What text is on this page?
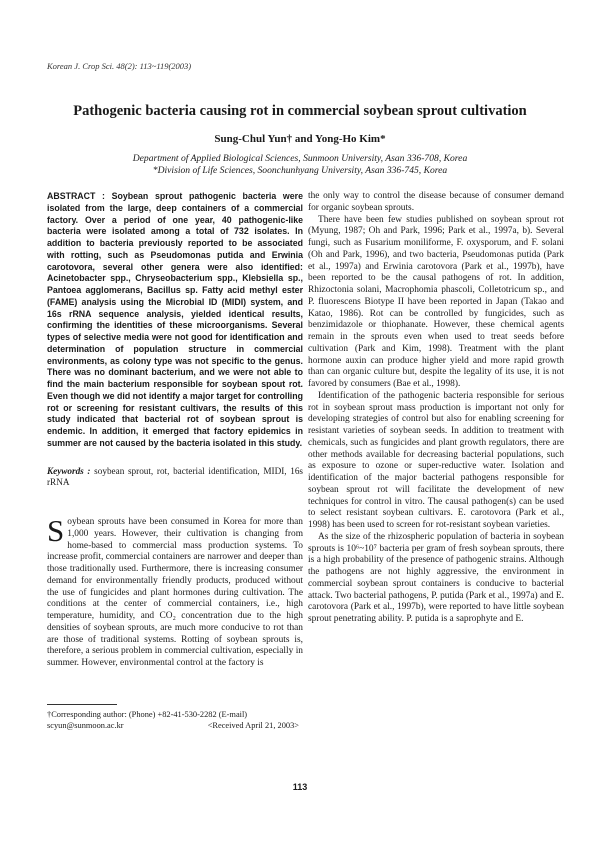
Korean J. Crop Sci. 48(2): 113~119(2003)
Pathogenic bacteria causing rot in commercial soybean sprout cultivation
Sung-Chul Yun† and Yong-Ho Kim*
Department of Applied Biological Sciences, Sunmoon University, Asan 336-708, Korea
*Division of Life Sciences, Soonchunhyang University, Asan 336-745, Korea

ABSTRACT : Soybean sprout pathogenic bacteria were isolated from the large, deep containers of a commercial factory. Over a period of one year, 40 pathogenic-like bacteria were isolated among a total of 732 isolates. In addition to bacteria previously reported to be associated with rotting, such as Pseudomonas putida and Erwinia carotovora, several other genera were also identified: Acinetobacter spp., Chryseobacterium spp., Klebsiella sp., Pantoea agglomerans, Bacillus sp. Fatty acid methyl ester (FAME) analysis using the Microbial ID (MIDI) system, and 16s rRNA sequence analysis, yielded identical results, confirming the identities of these microorganisms. Several types of selective media were not good for identification and determination of population structure in commercial environments, as colony type was not specific to the genus. There was no dominant bacterium, and we were not able to find the main bacterium responsible for soybean spout rot. Even though we did not identify a major target for controlling rot or screening for resistant cultivars, the results of this study indicated that bacterial rot of soybean sprout is endemic. In addition, it emerged that factory epidemics in summer are not caused by the bacteria isolated in this study.

Keywords : soybean sprout, rot, bacterial identification, MIDI, 16s rRNA

Soybean sprouts have been consumed in Korea for more than 1,000 years. However, their cultivation is changing from home-based to commercial mass production systems. To increase profit, commercial containers are narrower and deeper than those traditionally used. Furthermore, there is increasing consumer demand for environmentally friendly products, produced without the use of fungicides and plant hormones during cultivation. The conditions at the center of commercial containers, i.e., high temperature, humidity, and CO₂ concentration due to the high densities of soybean sprouts, are much more conducive to rot than are those of traditional systems. Rotting of soybean sprouts is, therefore, a serious problem in commercial cultivation, especially in summer. However, environmental control at the factory is

the only way to control the disease because of consumer demand for organic soybean sprouts.

There have been few studies published on soybean sprout rot (Myung, 1987; Oh and Park, 1996; Park et al., 1997a, b). Several fungi, such as Fusarium moniliforme, F. oxysporum, and F. solani (Oh and Park, 1996), and two bacteria, Pseudomonas putida (Park et al., 1997a) and Erwinia carotovora (Park et al., 1997b), have been reported to be the causal pathogens of rot. In addition, Rhizoctonia solani, Macrophomia phascoli, Colletotricum sp., and P. fluorescens Biotype II have been reported in Japan (Takao and Katao, 1986). Rot can be controlled by fungicides, such as benzimidazole or thiophanate. However, these chemical agents remain in the sprouts even when used to treat seeds before cultivation (Park and Kim, 1998). Treatment with the plant hormone auxin can produce higher yield and more rapid growth than can organic culture but, despite the legality of its use, it is not favored by consumers (Bae et al., 1998).

Identification of the pathogenic bacteria responsible for serious rot in soybean sprout mass production is important not only for developing strategies of control but also for enabling screening for resistant varieties of soybean seeds. In addition to treatment with chemicals, such as fungicides and plant growth regulators, there are other methods available for decreasing bacterial populations, such as exposure to ozone or super-reductive water. Isolation and identification of the major bacterial pathogens responsible for soybean sprout rot will facilitate the development of new techniques for control in vitro. The causal pathogen(s) can be used to select resistant soybean cultivars. E. carotovora (Park et al., 1998) has been used to screen for rot-resistant soybean varieties.

As the size of the rhizospheric population of bacteria in soybean sprouts is 10⁶~10⁷ bacteria per gram of fresh soybean sprouts, there is a high probability of the presence of pathogenic strains. Although the pathogens are not highly aggressive, the environment in commercial soybean sprout containers is conducive to bacterial attack. Two bacterial pathogens, P. putida (Park et al., 1997a) and E. carotovora (Park et al., 1997b), were reported to have little soybean sprout penetrating ability. P. putida is a saprophyte and E.

†Corresponding author: (Phone) +82-41-530-2282 (E-mail) scyun@sunmoon.ac.kr	<Received April 21, 2003>
113
